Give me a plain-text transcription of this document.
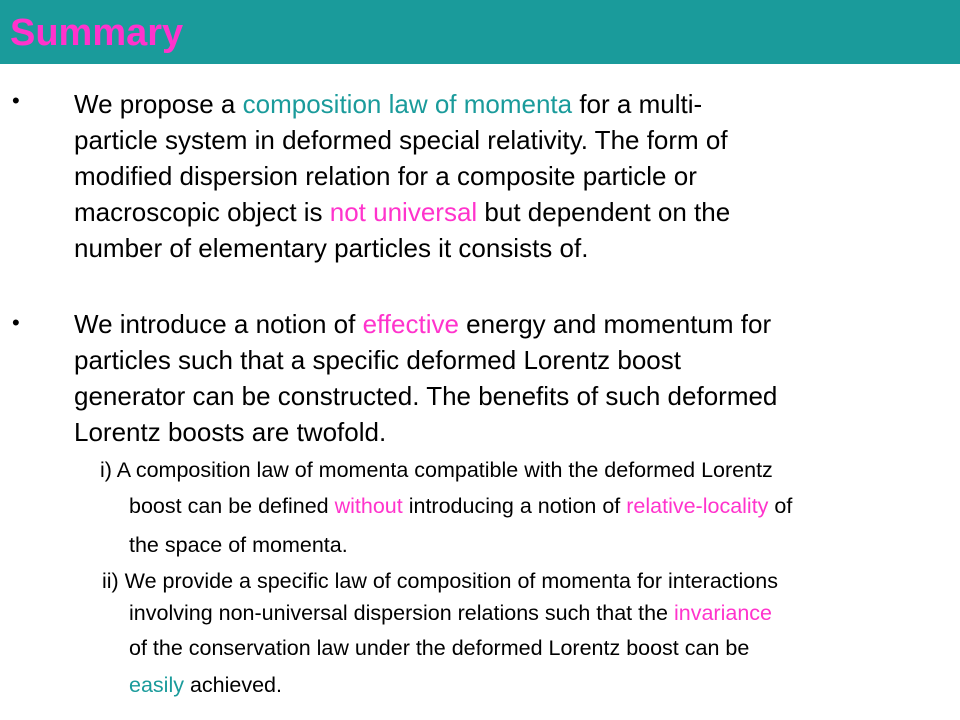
Summary
• We propose a composition law of momenta for a multi-
particle system in deformed special relativity. The form of
modified dispersion relation for a composite particle or
macroscopic object is not universal but dependent on the
number of elementary particles it consists of.
• We introduce a notion of effective energy and momentum for
particles such that a specific deformed Lorentz boost
generator can be constructed. The benefits of such deformed
Lorentz boosts are twofold.
i) A composition law of momenta compatible with the deformed Lorentz
boost can be defined without introducing a notion of relative-locality of
the space of momenta.
ii) We provide a specific law of composition of momenta for interactions
involving non-universal dispersion relations such that the invariance
of the conservation law under the deformed Lorentz boost can be
easily achieved.
